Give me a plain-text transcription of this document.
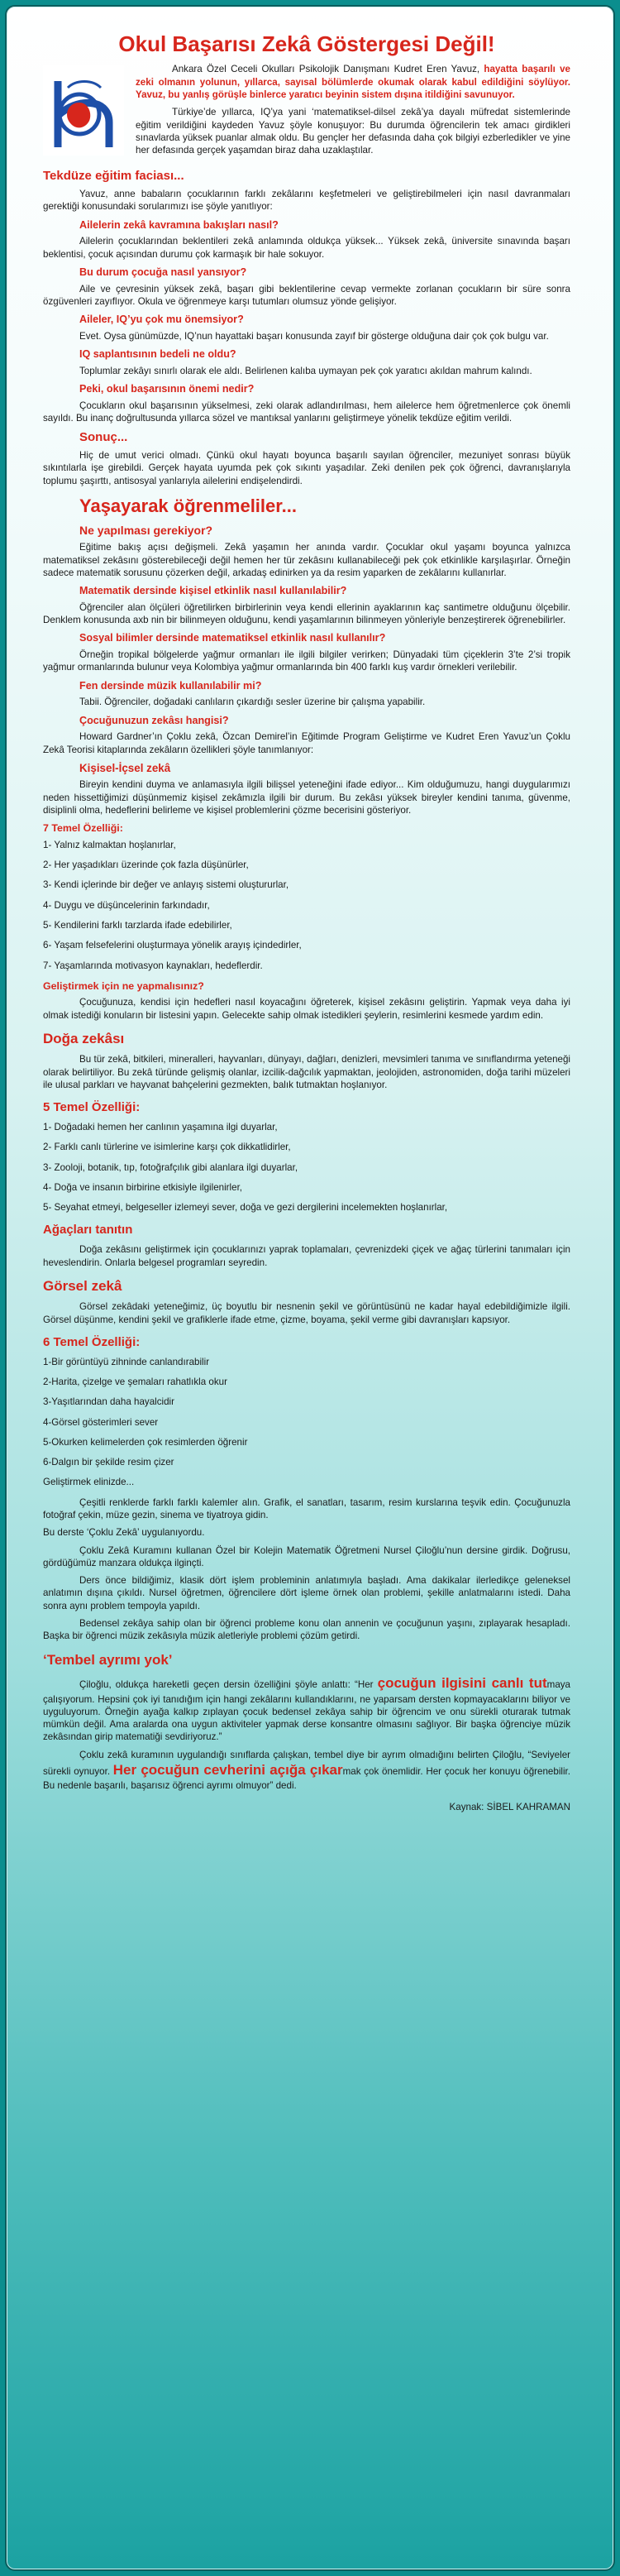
Okul Başarısı Zekâ Göstergesi Değil!

Ankara Özel Ceceli Okulları Psikolojik Danışmanı Kudret Eren Yavuz, hayatta başarılı ve zeki olmanın yolunun, yıllarca, sayısal bölümlerde okumak olarak kabul edildiğini söylüyor. Yavuz, bu yanlış görüşle binlerce yaratıcı beyinin sistem dışına itildiğini savunuyor.

Türkiye’de yıllarca, IQ’ya yani ‘matematiksel-dilsel zekâ’ya dayalı müfredat sistemlerinde eğitim verildiğini kaydeden Yavuz şöyle konuşuyor: Bu durumda öğrencilerin tek amacı girdikleri sınavlarda yüksek puanlar almak oldu. Bu gençler her defasında daha çok bilgiyi ezberledikler ve yine her defasında gerçek yaşamdan biraz daha uzaklaştılar.

Tekdüze eğitim faciası...

Yavuz, anne babaların çocuklarının farklı zekâlarını keşfetmeleri ve geliştirebilmeleri için nasıl davranmaları gerektiği konusundaki sorularımızı ise şöyle yanıtlıyor:

Ailelerin zekâ kavramına bakışları nasıl?

Ailelerin çocuklarından beklentileri zekâ anlamında oldukça yüksek... Yüksek zekâ, üniversite sınavında başarı beklentisi, çocuk açısından durumu çok karmaşık bir hale sokuyor.

Bu durum çocuğa nasıl yansıyor?

Aile ve çevresinin yüksek zekâ, başarı gibi beklentilerine cevap vermekte zorlanan çocukların bir süre sonra özgüvenleri zayıflıyor. Okula ve öğrenmeye karşı tutumları olumsuz yönde gelişiyor.

Aileler, IQ’yu çok mu önemsiyor?

Evet. Oysa günümüzde, IQ’nun hayattaki başarı konusunda zayıf bir gösterge olduğuna dair çok çok bulgu var.

IQ saplantısının bedeli ne oldu?

Toplumlar zekâyı sınırlı olarak ele aldı. Belirlenen kalıba uymayan pek çok yaratıcı akıldan mahrum kalındı.

Peki, okul başarısının önemi nedir?

Çocukların okul başarısının yükselmesi, zeki olarak adlandırılması, hem ailelerce hem öğretmenlerce çok önemli sayıldı. Bu inanç doğrultusunda yıllarca sözel ve mantıksal yanlarını geliştirmeye yönelik tekdüze eğitim verildi.

Sonuç...

Hiç de umut verici olmadı. Çünkü okul hayatı boyunca başarılı sayılan öğrenciler, mezuniyet sonrası büyük sıkıntılarla işe girebildi. Gerçek hayata uyumda pek çok sıkıntı yaşadılar. Zeki denilen pek çok öğrenci, davranışlarıyla toplumu şaşırttı, antisosyal yanlarıyla ailelerini endişelendirdi.

Yaşayarak öğrenmeliler...
Ne yapılması gerekiyor?

Eğitime bakış açısı değişmeli. Zekâ yaşamın her anında vardır. Çocuklar okul yaşamı boyunca yalnızca matematiksel zekâsını gösterebileceği değil hemen her tür zekâsını kullanabileceği pek çok etkinlikle karşılaşırlar. Örneğin sadece matematik sorusunu çözerken değil, arkadaş edinirken ya da resim yaparken de zekâlarını kullanırlar.

Matematik dersinde kişisel etkinlik nasıl kullanılabilir?

Öğrenciler alan ölçüleri öğretilirken birbirlerinin veya kendi ellerinin ayaklarının kaç santimetre olduğunu ölçebilir. Denklem konusunda axb nin bir bilinmeyen olduğunu, kendi yaşamlarının bilinmeyen yönleriyle benzeştirerek öğrenebilirler.

Sosyal bilimler dersinde matematiksel etkinlik nasıl kullanılır?

Örneğin tropikal bölgelerde yağmur ormanları ile ilgili bilgiler verirken; Dünyadaki tüm çiçeklerin 3’te 2’si tropik yağmur ormanlarında bulunur veya Kolombiya yağmur ormanlarında bin 400 farklı kuş vardır örnekleri verilebilir.

Fen dersinde müzik kullanılabilir mi?

Tabii. Öğrenciler, doğadaki canlıların çıkardığı sesler üzerine bir çalışma yapabilir.

Çocuğunuzun zekâsı hangisi?

Howard Gardner’ın Çoklu zekâ, Özcan Demirel’in Eğitimde Program Geliştirme ve Kudret Eren Yavuz’un Çoklu Zekâ Teorisi kitaplarında zekâların özellikleri şöyle tanımlanıyor:

Kişisel-İçsel zekâ

Bireyin kendini duyma ve anlamasıyla ilgili bilişsel yeteneğini ifade ediyor... Kim olduğumuzu, hangi duygularımızı neden hissettiğimizi düşünmemiz kişisel zekâmızla ilgili bir durum. Bu zekâsı yüksek bireyler kendini tanıma, güvenme, disiplinli olma, hedeflerini belirleme ve kişisel problemlerini çözme becerisini gösteriyor.

7 Temel Özelliği:
1- Yalnız kalmaktan hoşlanırlar,
2- Her yaşadıkları üzerinde çok fazla düşünürler,
3- Kendi içlerinde bir değer ve anlayış sistemi oluştururlar,
4- Duygu ve düşüncelerinin farkındadır,
5- Kendilerini farklı tarzlarda ifade edebilirler,
6- Yaşam felsefelerini oluşturmaya yönelik arayış içindedirler,
7- Yaşamlarında motivasyon kaynakları, hedeflerdir.
Geliştirmek için ne yapmalısınız?

Çocuğunuza, kendisi için hedefleri nasıl koyacağını öğreterek, kişisel zekâsını geliştirin. Yapmak veya daha iyi olmak istediği konuların bir listesini yapın. Gelecekte sahip olmak istedikleri şeylerin, resimlerini kesmede yardım edin.

Doğa zekâsı

Bu tür zekâ, bitkileri, mineralleri, hayvanları, dünyayı, dağları, denizleri, mevsimleri tanıma ve sınıflandırma yeteneği olarak belirtiliyor. Bu zekâ türünde gelişmiş olanlar, izcilik-dağcılık yapmaktan, jeolojiden, astronomiden, doğa tarihi müzeleri ile ulusal parkları ve hayvanat bahçelerini gezmekten, balık tutmaktan hoşlanıyor.

5 Temel Özelliği:
1- Doğadaki hemen her canlının yaşamına ilgi duyarlar,
2- Farklı canlı türlerine ve isimlerine karşı çok dikkatlidirler,
3- Zooloji, botanik, tıp, fotoğrafçılık gibi alanlara ilgi duyarlar,
4- Doğa ve insanın birbirine etkisiyle ilgilenirler,
5- Seyahat etmeyi, belgeseller izlemeyi sever, doğa ve gezi dergilerini incelemekten hoşlanırlar,
Ağaçları tanıtın

Doğa zekâsını geliştirmek için çocuklarınızı yaprak toplamaları, çevrenizdeki çiçek ve ağaç türlerini tanımaları için heveslendirin. Onlarla belgesel programları seyredin.

Görsel zekâ

Görsel zekâdaki yeteneğimiz, üç boyutlu bir nesnenin şekil ve görüntüsünü ne kadar hayal edebildiğimizle ilgili. Görsel düşünme, kendini şekil ve grafiklerle ifade etme, çizme, boyama, şekil verme gibi davranışları kapsıyor.

6 Temel Özelliği:
1-Bir görüntüyü zihninde canlandırabilir
2-Harita, çizelge ve şemaları rahatlıkla okur
3-Yaşıtlarından daha hayalcidir
4-Görsel gösterimleri sever
5-Okurken kelimelerden çok resimlerden öğrenir
6-Dalgın bir şekilde resim çizer
Geliştirmek elinizde...

Çeşitli renklerde farklı farklı kalemler alın. Grafik, el sanatları, tasarım, resim kurslarına teşvik edin. Çocuğunuzla fotoğraf çekin, müze gezin, sinema ve tiyatroya gidin.

Bu derste ‘Çoklu Zekâ’ uygulanıyordu.

Çoklu Zekâ Kuramını kullanan Özel bir Kolejin Matematik Öğretmeni Nursel Çiloğlu’nun dersine girdik. Doğrusu, gördüğümüz manzara oldukça ilginçti.

Ders önce bildiğimiz, klasik dört işlem probleminin anlatımıyla başladı. Ama dakikalar ilerledikçe geleneksel anlatımın dışına çıkıldı. Nursel öğretmen, öğrencilere dört işleme örnek olan problemi, şekille anlatmalarını istedi. Daha sonra aynı problem tempoyla yapıldı.

Bedensel zekâya sahip olan bir öğrenci probleme konu olan annenin ve çocuğunun yaşını, zıplayarak hesapladı. Başka bir öğrenci müzik zekâsıyla müzik aletleriyle problemi çözüm getirdi.

‘Tembel ayrımı yok’

Çiloğlu, oldukça hareketli geçen dersin özelliğini şöyle anlattı: “Her çocuğun ilgisini canlı tutmaya çalışıyorum. Hepsini çok iyi tanıdığım için hangi zekâlarını kullandıklarını, ne yaparsam dersten kopmayacaklarını biliyor ve uyguluyorum. Örneğin ayağa kalkıp zıplayan çocuk bedensel zekâya sahip bir öğrencim ve onu sürekli oturarak tutmak mümkün değil. Ama aralarda ona uygun aktiviteler yapmak derse konsantre olmasını sağlıyor. Bir başka öğrenciye müzik zekâsından girip matematiği sevdiriyoruz.”

Çoklu zekâ kuramının uygulandığı sınıflarda çalışkan, tembel diye bir ayrım olmadığını belirten Çiloğlu, “Seviyeler sürekli oynuyor. Her çocuğun cevherini açığa çıkarmak çok önemlidir. Her çocuk her konuyu öğrenebilir. Bu nedenle başarılı, başarısız öğrenci ayrımı olmuyor” dedi.

Kaynak: SİBEL KAHRAMAN
